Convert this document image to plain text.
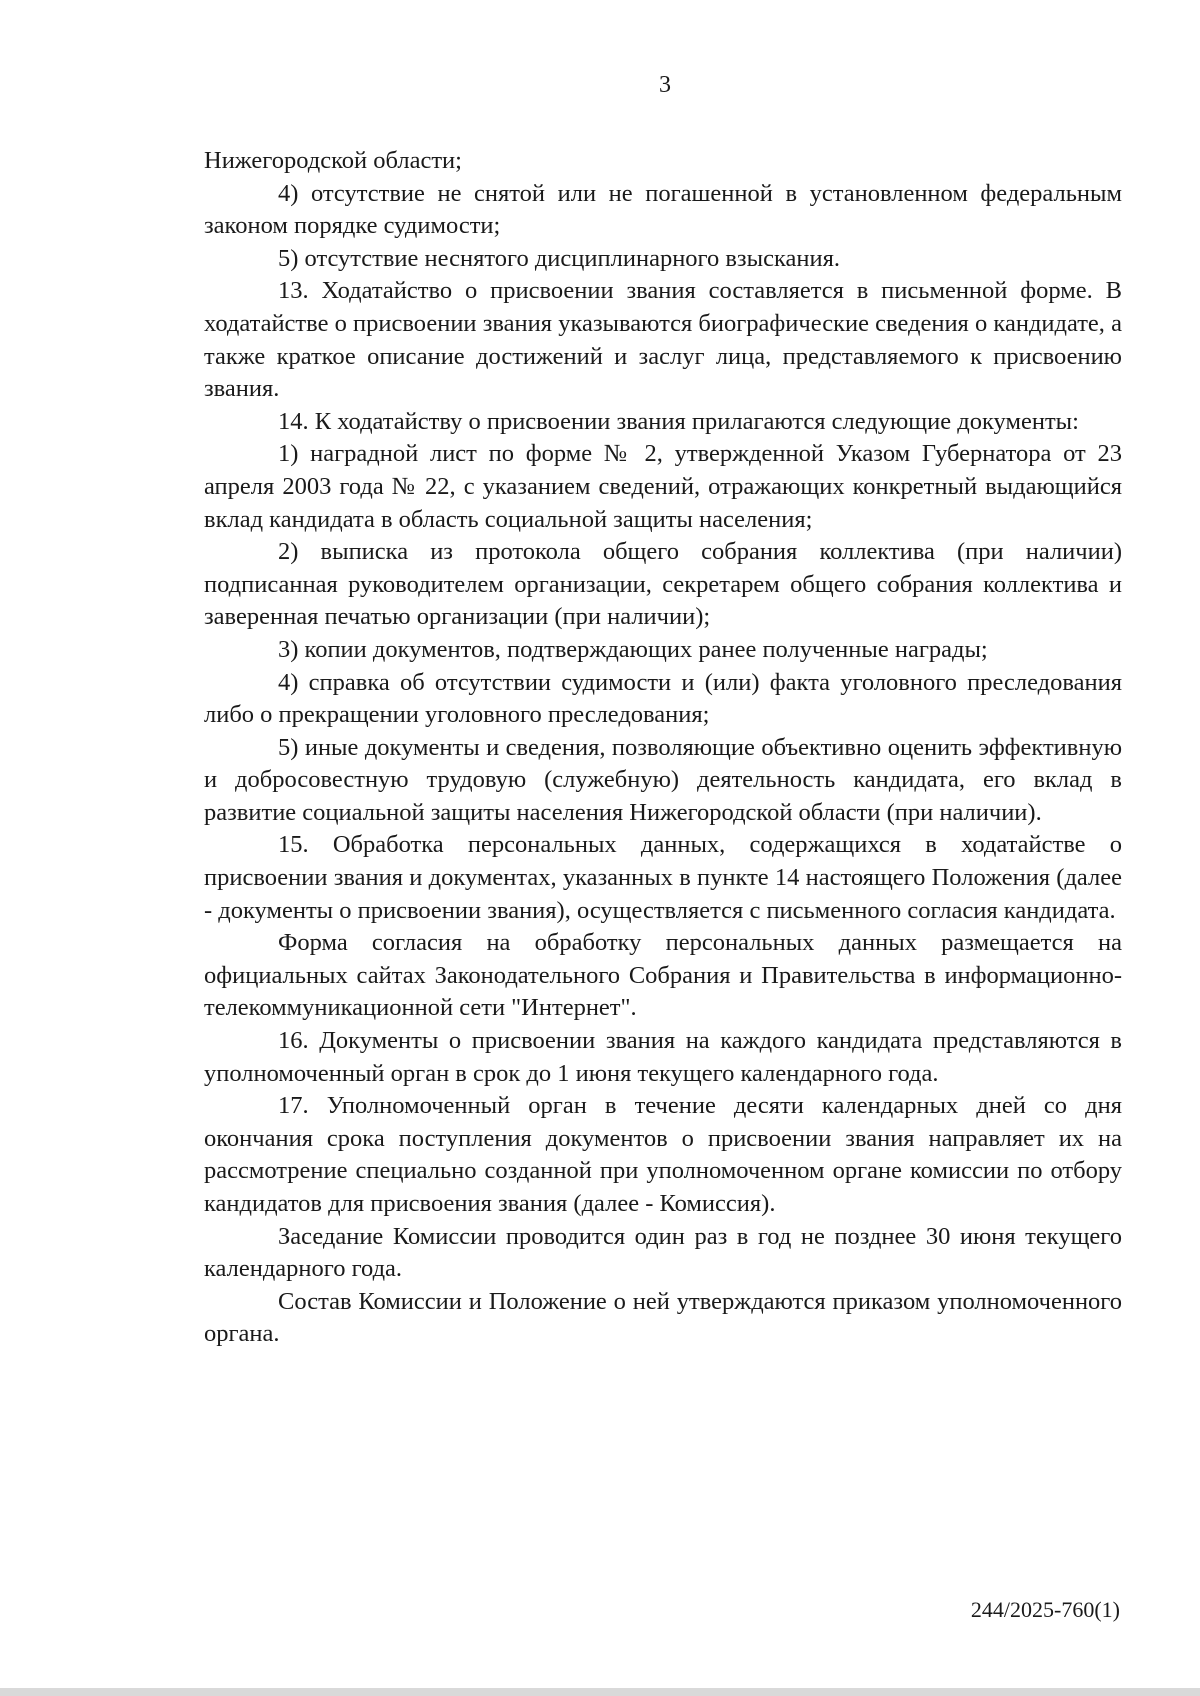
3

Нижегородской области;

4) отсутствие не снятой или не погашенной в установленном федеральным законом порядке судимости;

5) отсутствие неснятого дисциплинарного взыскания.

13. Ходатайство о присвоении звания составляется в письменной форме. В ходатайстве о присвоении звания указываются биографические сведения о кандидате, а также краткое описание достижений и заслуг лица, представляемого к присвоению звания.

14. К ходатайству о присвоении звания прилагаются следующие документы:

1) наградной лист по форме № 2, утвержденной Указом Губернатора от 23 апреля 2003 года № 22, с указанием сведений, отражающих конкретный выдающийся вклад кандидата в область социальной защиты населения;

2) выписка из протокола общего собрания коллектива (при наличии) подписанная руководителем организации, секретарем общего собрания коллектива и заверенная печатью организации (при наличии);

3) копии документов, подтверждающих ранее полученные награды;

4) справка об отсутствии судимости и (или) факта уголовного преследования либо о прекращении уголовного преследования;

5) иные документы и сведения, позволяющие объективно оценить эффективную и добросовестную трудовую (служебную) деятельность кандидата, его вклад в развитие социальной защиты населения Нижегородской области (при наличии).

15. Обработка персональных данных, содержащихся в ходатайстве о присвоении звания и документах, указанных в пункте 14 настоящего Положения (далее - документы о присвоении звания), осуществляется с письменного согласия кандидата.

Форма согласия на обработку персональных данных размещается на официальных сайтах Законодательного Собрания и Правительства в информационно-телекоммуникационной сети "Интернет".

16. Документы о присвоении звания на каждого кандидата представляются в уполномоченный орган в срок до 1 июня текущего календарного года.

17. Уполномоченный орган в течение десяти календарных дней со дня окончания срока поступления документов о присвоении звания направляет их на рассмотрение специально созданной при уполномоченном органе комиссии по отбору кандидатов для присвоения звания (далее - Комиссия).

Заседание Комиссии проводится один раз в год не позднее 30 июня текущего календарного года.

Состав Комиссии и Положение о ней утверждаются приказом уполномоченного органа.

244/2025-760(1)
